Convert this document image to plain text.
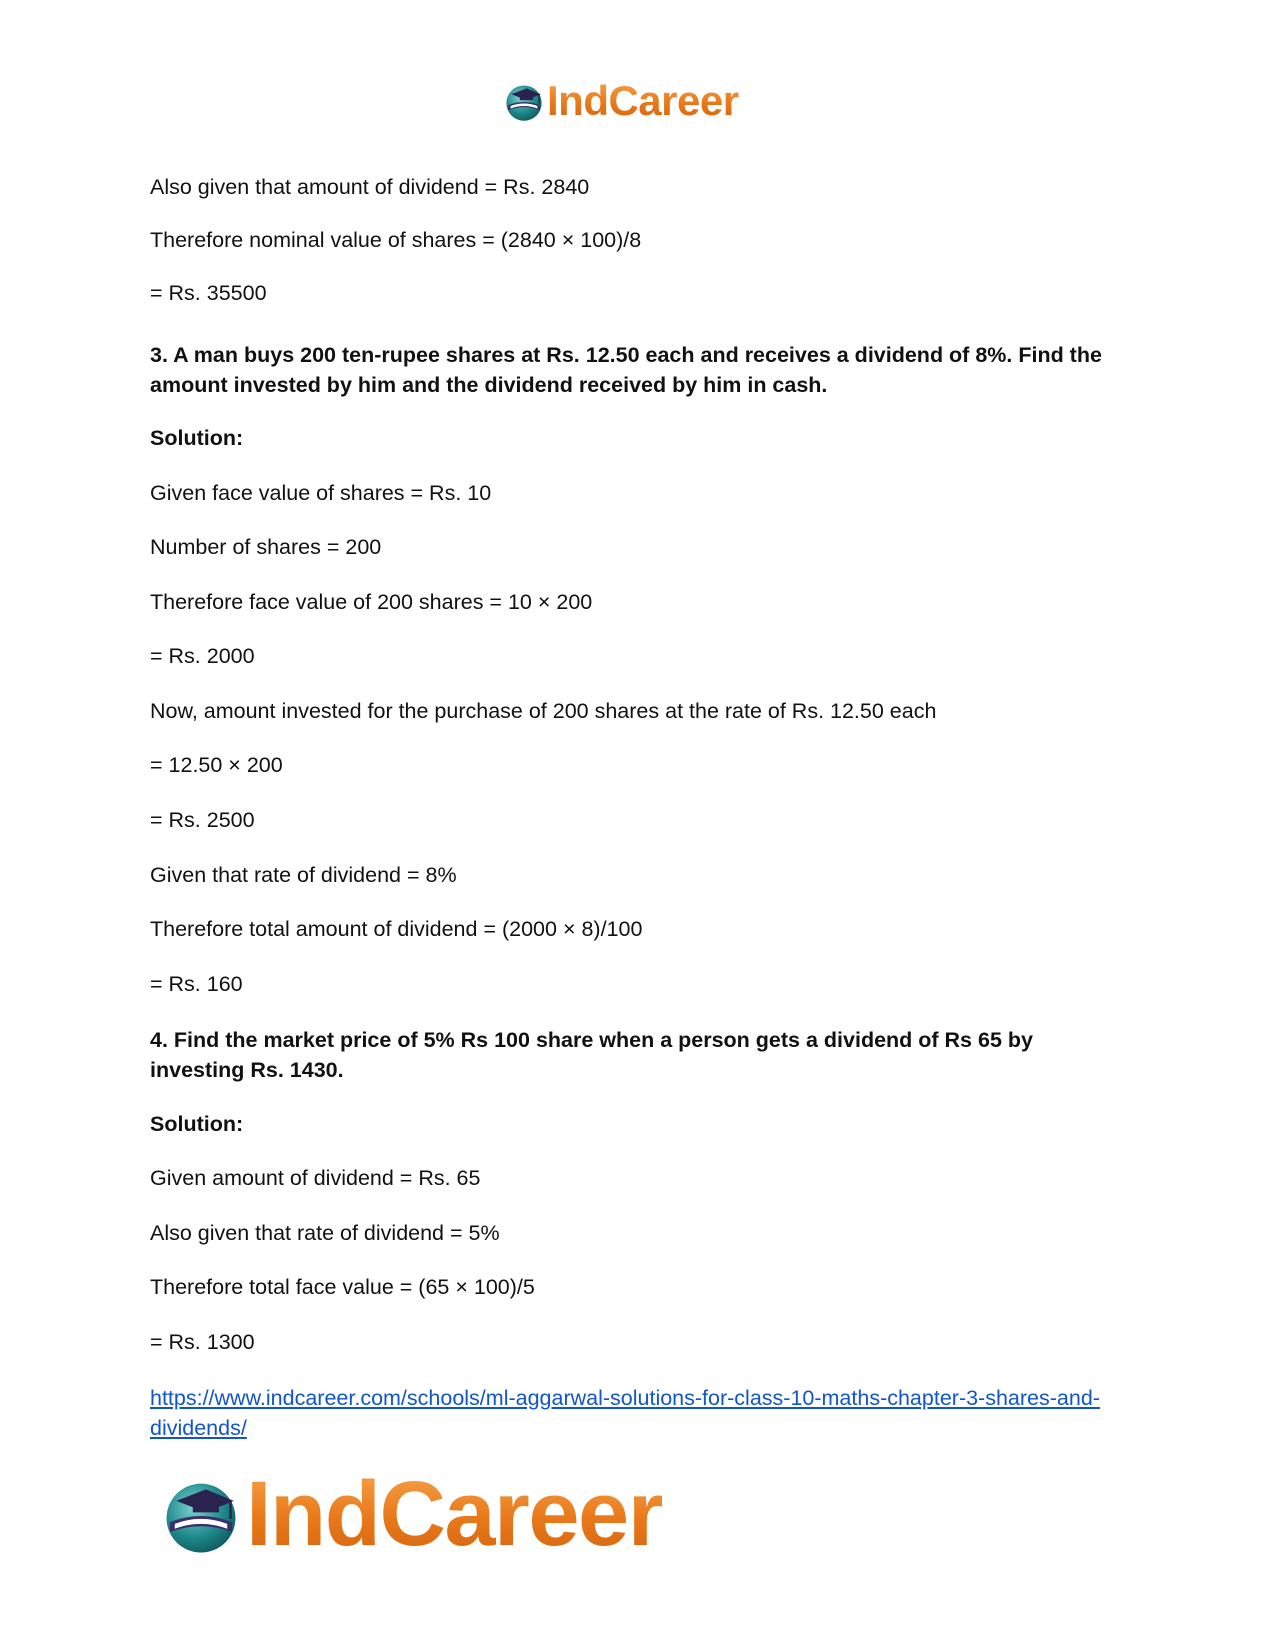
IndCareer

Also given that amount of dividend = Rs. 2840

Therefore nominal value of shares = (2840 × 100)/8

= Rs. 35500

3. A man buys 200 ten-rupee shares at Rs. 12.50 each and receives a dividend of 8%. Find the amount invested by him and the dividend received by him in cash.

Solution:

Given face value of shares = Rs. 10

Number of shares = 200

Therefore face value of 200 shares = 10 × 200

= Rs. 2000

Now, amount invested for the purchase of 200 shares at the rate of Rs. 12.50 each

= 12.50 × 200

= Rs. 2500

Given that rate of dividend = 8%

Therefore total amount of dividend = (2000 × 8)/100

= Rs. 160

4. Find the market price of 5% Rs 100 share when a person gets a dividend of Rs 65 by investing Rs. 1430.

Solution:

Given amount of dividend = Rs. 65

Also given that rate of dividend = 5%

Therefore total face value = (65 × 100)/5

= Rs. 1300

https://www.indcareer.com/schools/ml-aggarwal-solutions-for-class-10-maths-chapter-3-shares-and-dividends/

IndCareer
